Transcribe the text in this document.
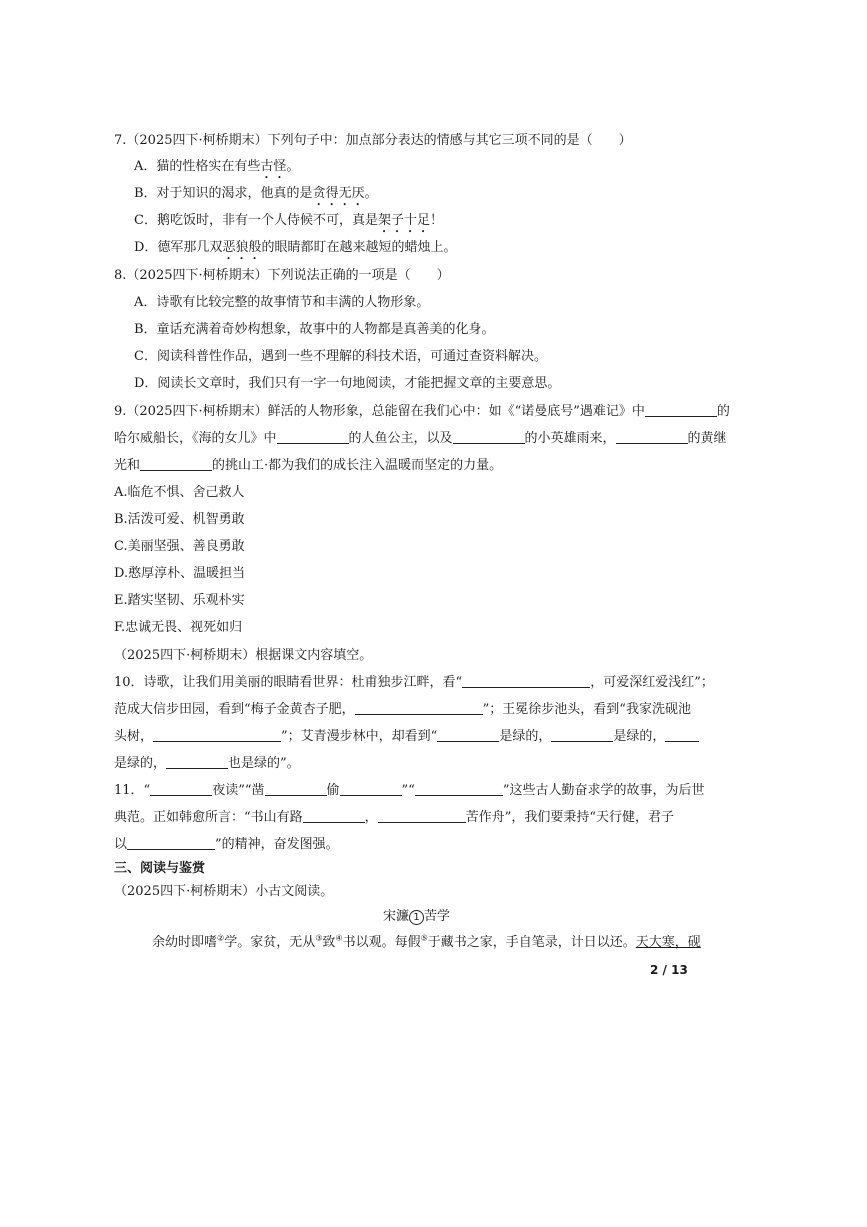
7.（2025四下·柯桥期末）下列句子中：加点部分表达的情感与其它三项不同的是（　　）
A．猫的性格实在有些古怪。
B．对于知识的渴求，他真的是贪得无厌。
C．鹅吃饭时，非有一个人侍候不可，真是架子十足！
D．德军那几双恶狼般的眼睛都盯在越来越短的蜡烛上。
8.（2025四下·柯桥期末）下列说法正确的一项是（　　）
A．诗歌有比较完整的故事情节和丰满的人物形象。
B．童话充满着奇妙构想象，故事中的人物都是真善美的化身。
C．阅读科普性作品，遇到一些不理解的科技术语，可通过查资料解决。
D．阅读长文章时，我们只有一字一句地阅读，才能把握文章的主要意思。
9.（2025四下·柯桥期末）鲜活的人物形象，总能留在我们心中：如《“诺曼底号”遇难记》中	的
哈尔威船长，《海的女儿》中	的人鱼公主，以及	的小英雄雨来，	的黄继
光和	的挑山工·都为我们的成长注入温暖而坚定的力量。
A.临危不惧、舍己救人
B.活泼可爱、机智勇敢
C.美丽坚强、善良勇敢
D.憨厚淳朴、温暖担当
E.踏实坚韧、乐观朴实
F.忠诚无畏、视死如归
（2025四下·柯桥期末）根据课文内容填空。
10．诗歌，让我们用美丽的眼睛看世界：杜甫独步江畔，看“	，可爱深红爱浅红”；
范成大信步田园，看到“梅子金黄杏子肥，	”；王冕徐步池头，看到“我家洗砚池
头树，	”；艾青漫步林中，却看到“	是绿的，	是绿的，
是绿的，	也是绿的”。
11．“	夜读”“凿	偷	”“	”这些古人勤奋求学的故事，为后世
典范。正如韩愈所言：“书山有路	，	苦作舟”，我们要秉持“天行健，君子
以	”的精神，奋发图强。
三、阅读与鉴赏
（2025四下·柯桥期末）小古文阅读。
宋濂 1 苦学
余幼时即嗜②学。家贫，无从③致④书以观。每假⑤于藏书之家，手自笔录，计日以还。天大寒，砚
2 / 13
